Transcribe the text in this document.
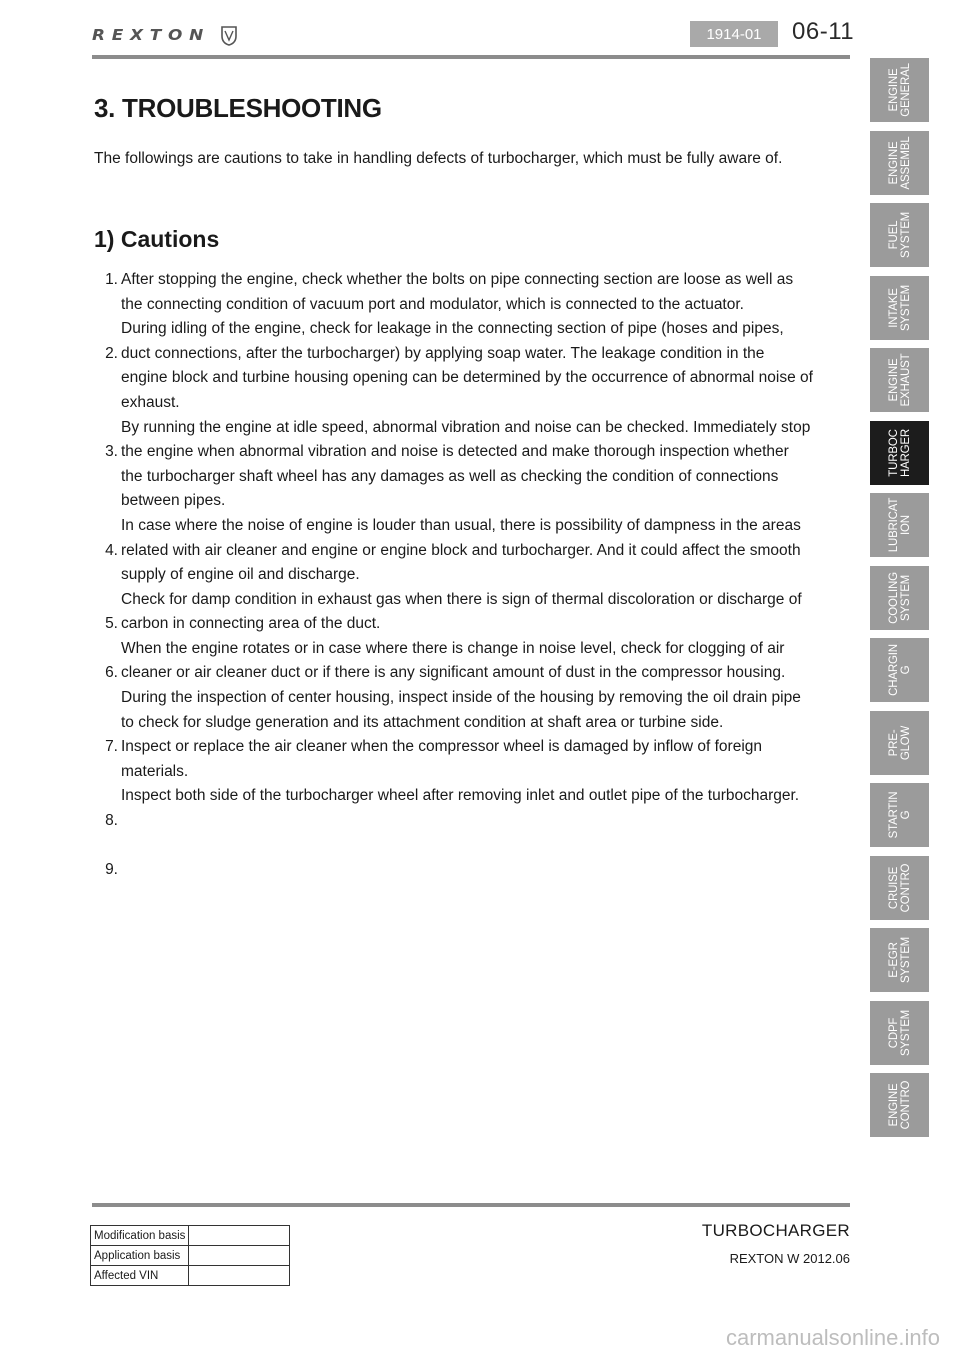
REXTON	1914-01	06-11
3. TROUBLESHOOTING

The followings are cautions to take in handling defects of turbocharger, which must be fully aware of.

1) Cautions
1.
2.
3.
4.
5.
6.
7.
8.
9.
After stopping the engine, check whether the bolts on pipe connecting section are loose as well as
the connecting condition of vacuum port and modulator, which is connected to the actuator.
During idling of the engine, check for leakage in the connecting section of pipe (hoses and pipes,
duct connections, after the turbocharger) by applying soap water. The leakage condition in the
engine block and turbine housing opening can be determined by the occurrence of abnormal noise of
exhaust.
By running the engine at idle speed, abnormal vibration and noise can be checked. Immediately stop
the engine when abnormal vibration and noise is detected and make thorough inspection whether
the turbocharger shaft wheel has any damages as well as checking the condition of connections
between pipes.
In case where the noise of engine is louder than usual, there is possibility of dampness in the areas
related with air cleaner and engine or engine block and turbocharger. And it could affect the smooth
supply of engine oil and discharge.
Check for damp condition in exhaust gas when there is sign of thermal discoloration or discharge of
carbon in connecting area of the duct.
When the engine rotates or in case where there is change in noise level, check for clogging of air
cleaner or air cleaner duct or if there is any significant amount of dust in the compressor housing.
During the inspection of center housing, inspect inside of the housing by removing the oil drain pipe
to check for sludge generation and its attachment condition at shaft area or turbine side.
Inspect or replace the air cleaner when the compressor wheel is damaged by inflow of foreign
materials.
Inspect both side of the turbocharger wheel after removing inlet and outlet pipe of the turbocharger.
ENGINE
GENERAL
ENGINE
ASSEMBL
FUEL
SYSTEM
INTAKE
SYSTEM
ENGINE
EXHAUST
TURBOC
HARGER
LUBRICAT
ION
COOLING
SYSTEM
CHARGIN
G
PRE-
GLOW
STARTIN
G
CRUISE
CONTRO
E-EGR
SYSTEM
CDPF
SYSTEM
ENGINE
CONTRO
Modification basis	
Application basis	
Affected VIN	
TURBOCHARGER
REXTON W 2012.06
carmanualsonline.info
